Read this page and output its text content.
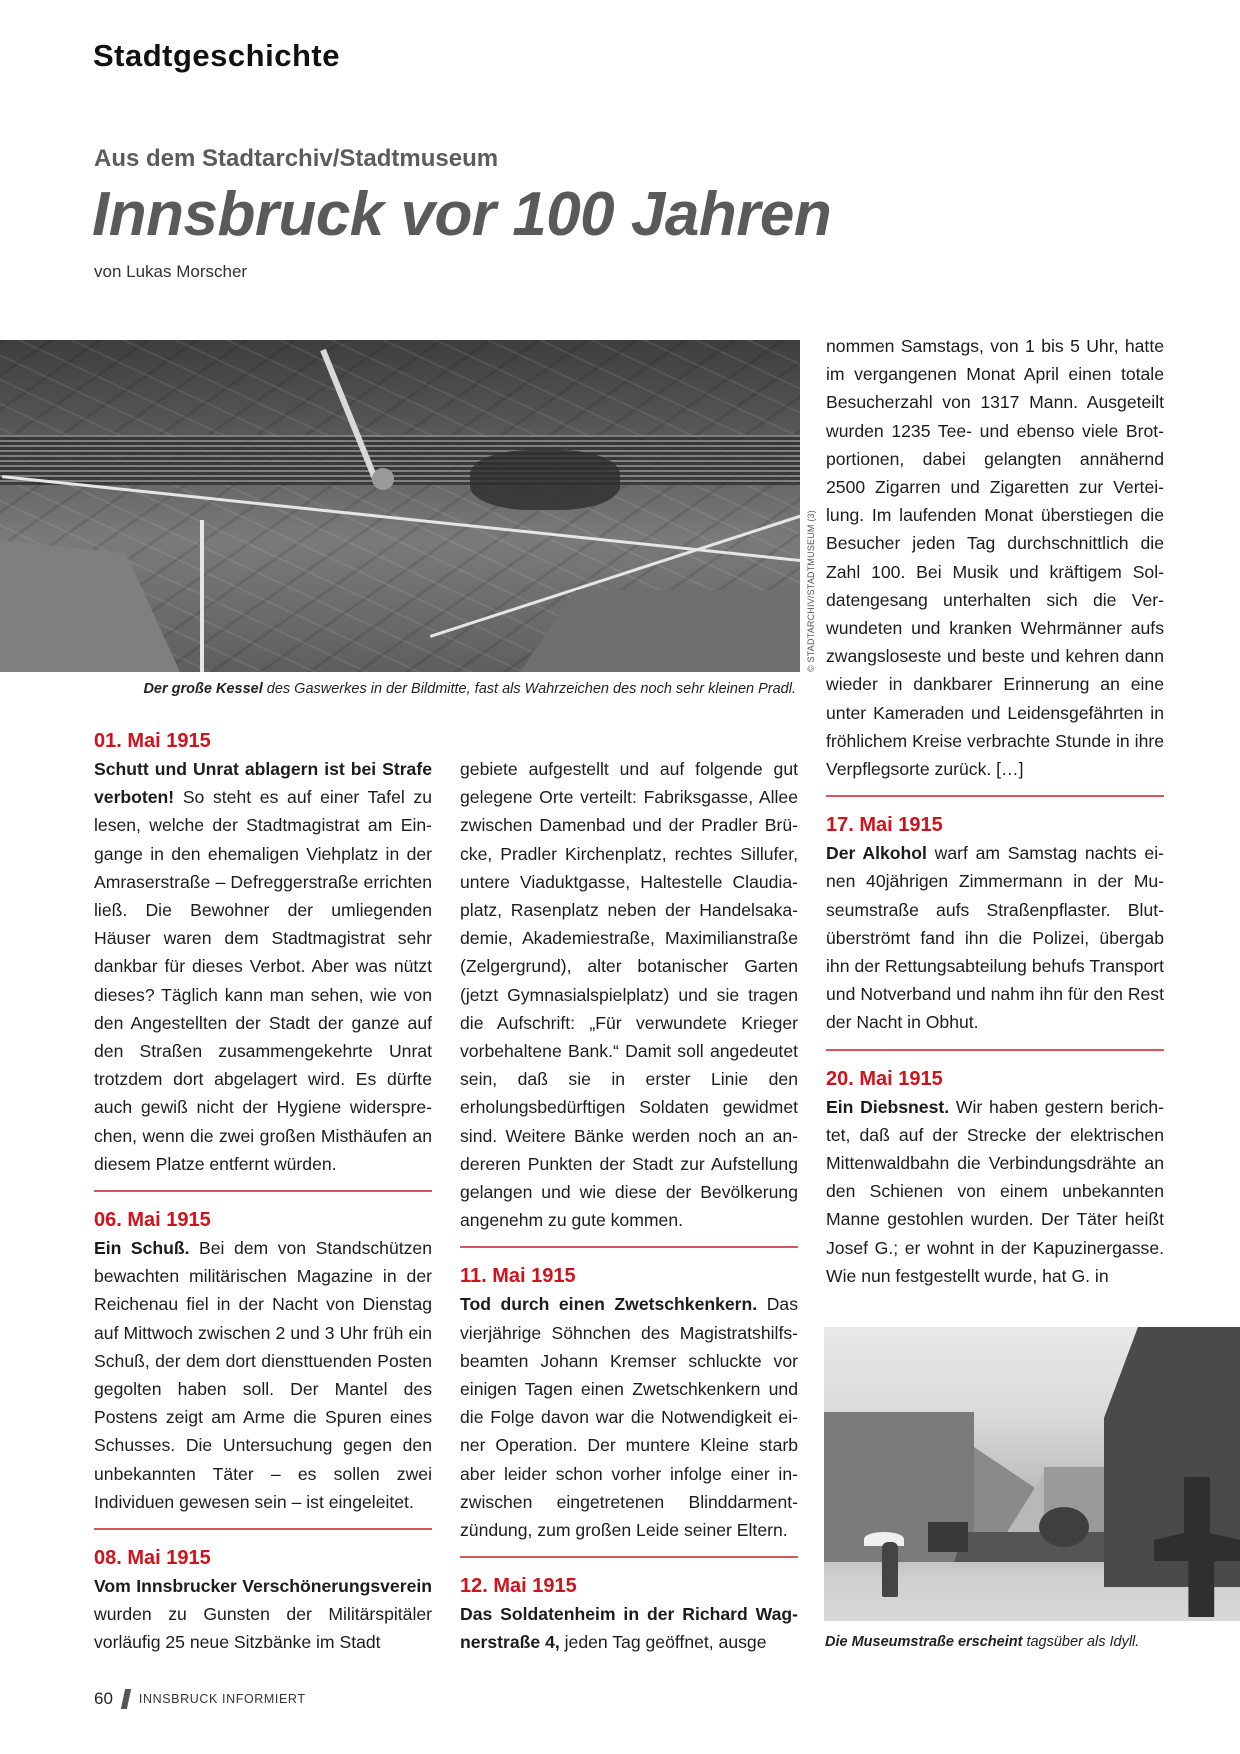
Stadtgeschichte
Aus dem Stadtarchiv/Stadtmuseum
Innsbruck vor 100 Jahren
von Lukas Morscher
© STADTARCHIV/STADTMUSEUM (3)
Der große Kessel des Gaswerkes in der Bildmitte, fast als Wahrzeichen des noch sehr kleinen Pradl.

01. Mai 1915

Schutt und Unrat ablagern ist bei Strafe verboten! So steht es auf einer Tafel zu lesen, welche der Stadtmagistrat am Eingange in den ehemaligen Viehplatz in der Amraserstraße – Defreggerstraße errichten ließ. Die Bewohner der umliegenden Häuser waren dem Stadtmagistrat sehr dankbar für dieses Verbot. Aber was nützt dieses? Täglich kann man sehen, wie von den Angestellten der Stadt der ganze auf den Straßen zusammengekehrte Unrat trotzdem dort abgelagert wird. Es dürfte auch gewiß nicht der Hygiene widersprechen, wenn die zwei großen Misthäufen an diesem Platze entfernt würden.

06. Mai 1915

Ein Schuß. Bei dem von Standschützen bewachten militärischen Magazine in der Reichenau fiel in der Nacht von Dienstag auf Mittwoch zwischen 2 und 3 Uhr früh ein Schuß, der dem dort diensttuenden Posten gegolten haben soll. Der Mantel des Postens zeigt am Arme die Spuren eines Schusses. Die Untersuchung gegen den unbekannten Täter – es sollen zwei Individuen gewesen sein – ist eingeleitet.

08. Mai 1915

Vom Innsbrucker Verschönerungsverein wurden zu Gunsten der Militärspitäler vorläufig 25 neue Sitzbänke im Stadt

gebiete aufgestellt und auf folgende gut gelegene Orte verteilt: Fabriksgasse, Allee zwischen Damenbad und der Pradler Brücke, Pradler Kirchenplatz, rechtes Sillufer, untere Viaduktgasse, Haltestelle Claudiaplatz, Rasenplatz neben der Handelsakademie, Akademiestraße, Maximilianstraße (Zelgergrund), alter botanischer Garten (jetzt Gymnasialspielplatz) und sie tragen die Aufschrift: „Für verwundete Krieger vorbehaltene Bank.“ Damit soll angedeutet sein, daß sie in erster Linie den erholungsbedürftigen Soldaten gewidmet sind. Weitere Bänke werden noch an andereren Punkten der Stadt zur Aufstellung gelangen und wie diese der Bevölkerung angenehm zu gute kommen.

11. Mai 1915

Tod durch einen Zwetschkenkern. Das vierjährige Söhnchen des Magistratshilfsbeamten Johann Kremser schluckte vor einigen Tagen einen Zwetschkenkern und die Folge davon war die Notwendigkeit einer Operation. Der muntere Kleine starb aber leider schon vorher infolge einer inzwischen eingetretenen Blinddarmentzündung, zum großen Leide seiner Eltern.

12. Mai 1915

Das Soldatenheim in der Richard Wagnerstraße 4, jeden Tag geöffnet, ausge

nommen Samstags, von 1 bis 5 Uhr, hatte im vergangenen Monat April einen totale Besucherzahl von 1317 Mann. Ausgeteilt wurden 1235 Tee- und ebenso viele Brotportionen, dabei gelangten annähernd 2500 Zigarren und Zigaretten zur Verteilung. Im laufenden Monat überstiegen die Besucher jeden Tag durchschnittlich die Zahl 100. Bei Musik und kräftigem Soldatengesang unterhalten sich die Verwundeten und kranken Wehrmänner aufs zwangsloseste und beste und kehren dann wieder in dankbarer Erinnerung an eine unter Kameraden und Leidensgefährten in fröhlichem Kreise verbrachte Stunde in ihre Verpflegsorte zurück. […]

17. Mai 1915

Der Alkohol warf am Samstag nachts einen 40jährigen Zimmermann in der Museumstraße aufs Straßenpflaster. Blutüberströmt fand ihn die Polizei, übergab ihn der Rettungsabteilung behufs Transport und Notverband und nahm ihn für den Rest der Nacht in Obhut.

20. Mai 1915

Ein Diebsnest. Wir haben gestern berichtet, daß auf der Strecke der elektrischen Mittenwaldbahn die Verbindungsdrähte an den Schienen von einem unbekannten Manne gestohlen wurden. Der Täter heißt Josef G.; er wohnt in der Kapuzinergasse. Wie nun festgestellt wurde, hat G. in

Die Museumstraße erscheint tagsüber als Idyll.
60 INNSBRUCK INFORMIERT
